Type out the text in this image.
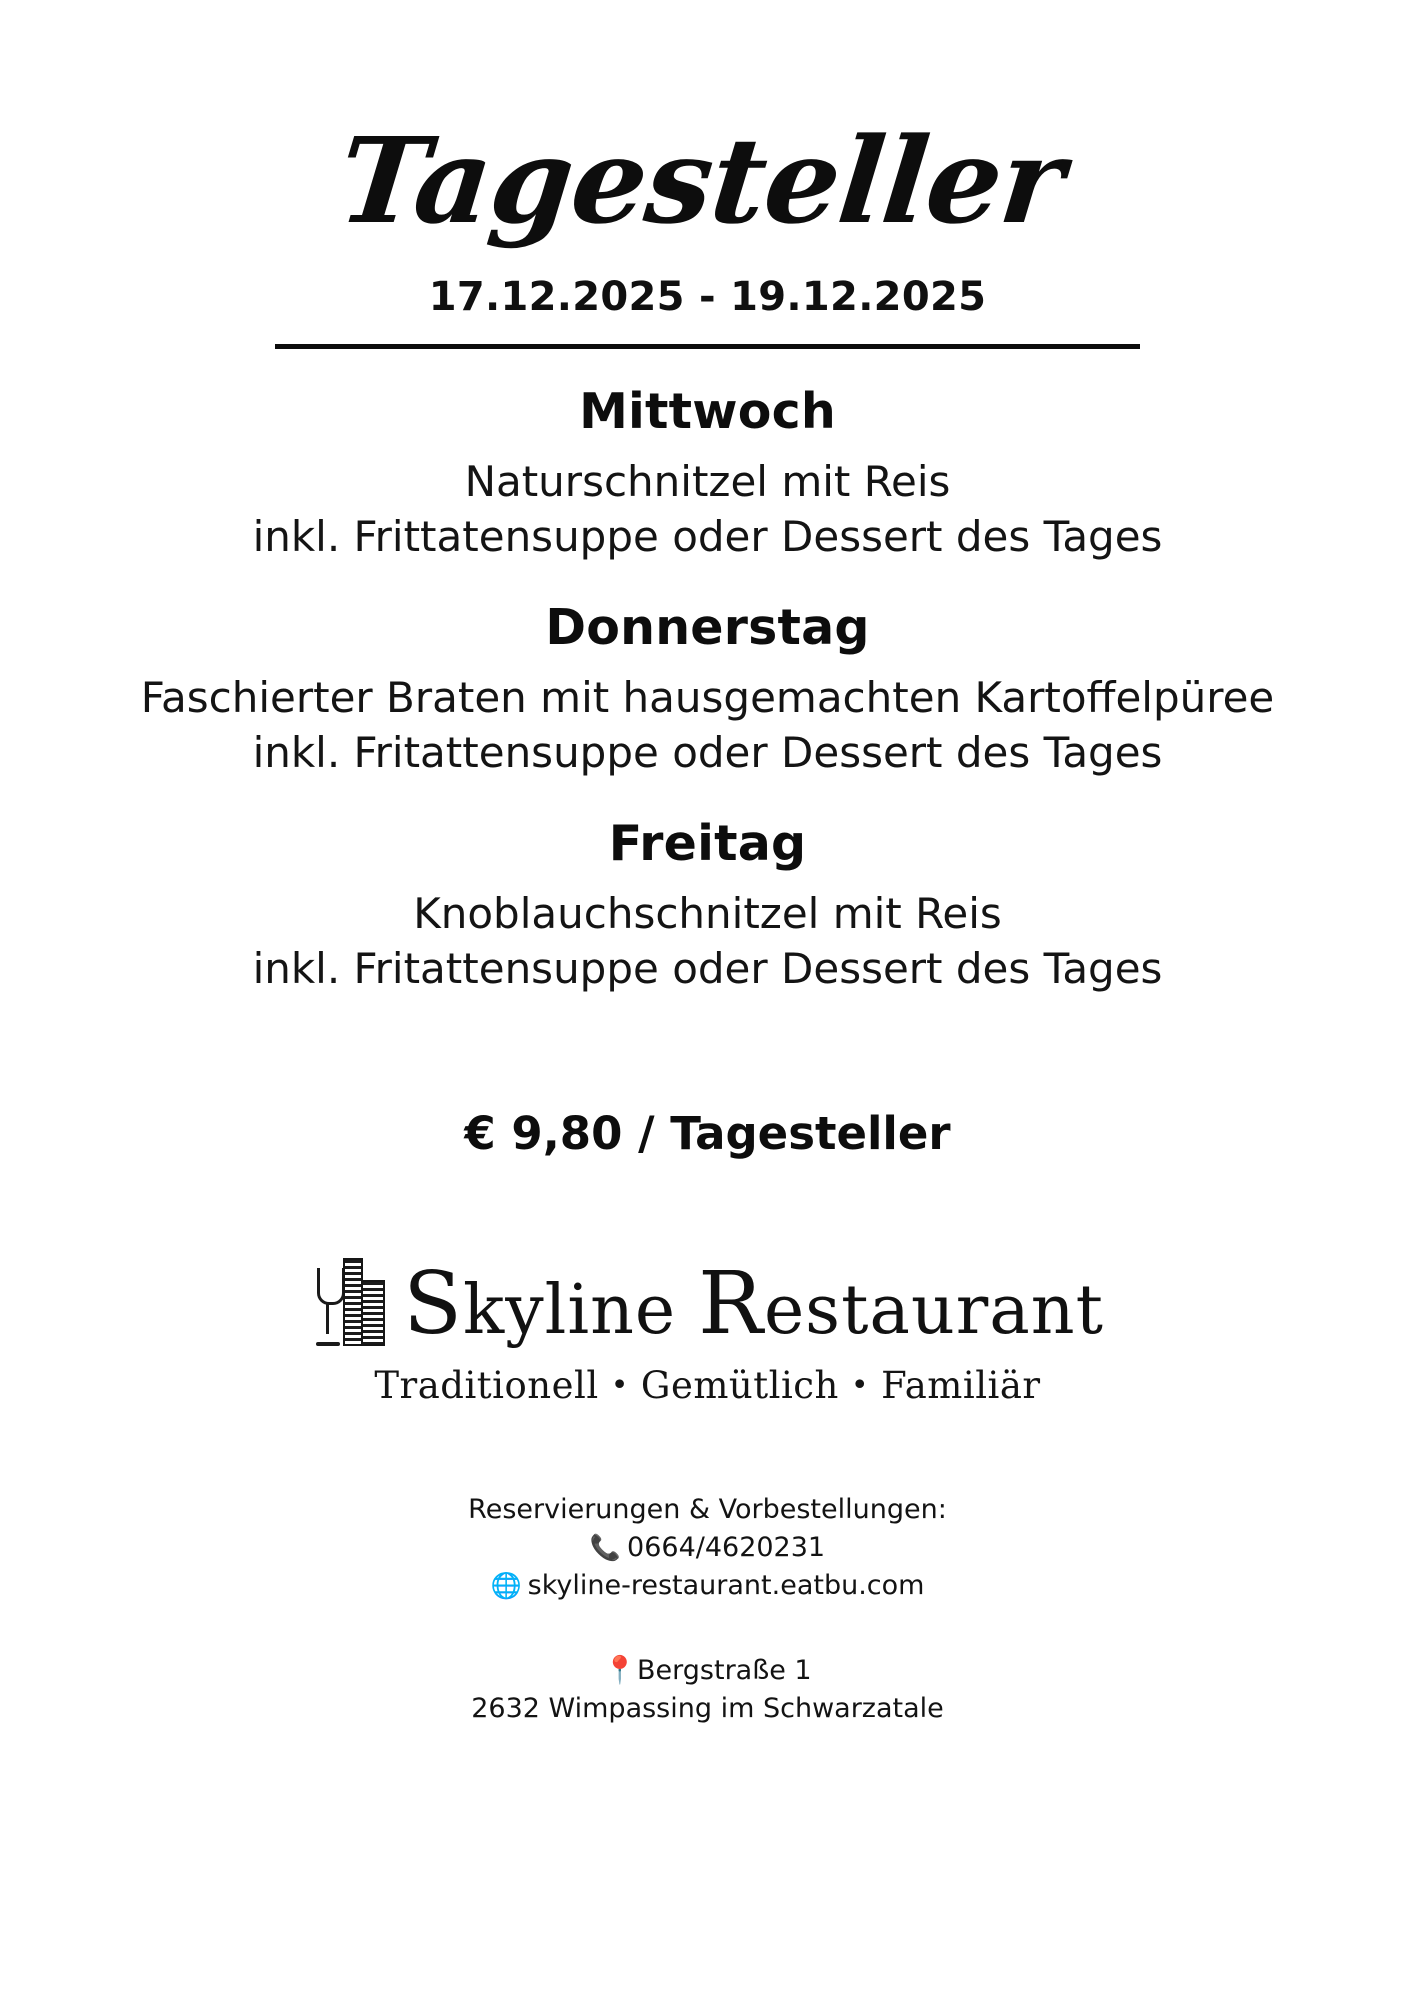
Tagesteller
17.12.2025 - 19.12.2025
Mittwoch
Naturschnitzel mit Reis
inkl. Frittatensuppe oder Dessert des Tages
Donnerstag
Faschierter Braten mit hausgemachten Kartoffelpüree
inkl. Fritattensuppe oder Dessert des Tages
Freitag
Knoblauchschnitzel mit Reis
inkl. Fritattensuppe oder Dessert des Tages
€ 9,80 / Tagesteller
Skyline Restaurant
Traditionell • Gemütlich • Familiär
Reservierungen & Vorbestellungen:
📞 0664/4620231
🌐 skyline-restaurant.eatbu.com
📍Bergstraße 1
2632 Wimpassing im Schwarzatale
